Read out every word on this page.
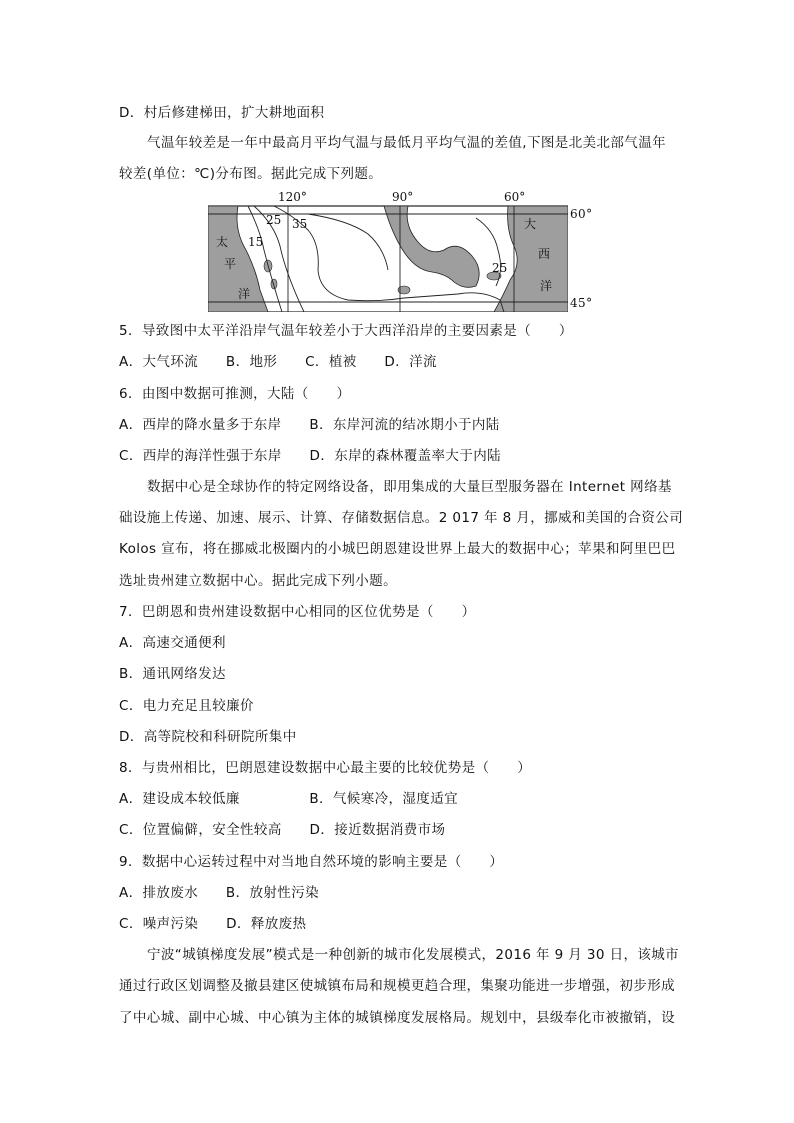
D．村后修建梯田，扩大耕地面积
气温年较差是一年中最高月平均气温与最低月平均气温的差值,下图是北美北部气温年
较差(单位：℃)分布图。据此完成下列题。
120°	90°	60°
35
25
15
25
太
平
洋
大
西
洋
60°
45°
5．导致图中太平洋沿岸气温年较差小于大西洋沿岸的主要因素是（　　）
A．大气环流　　B．地形　　C．植被　　D．洋流
6．由图中数据可推测，大陆（　　）
A．西岸的降水量多于东岸　　B．东岸河流的结冰期小于内陆
C．西岸的海洋性强于东岸　　D．东岸的森林覆盖率大于内陆
数据中心是全球协作的特定网络设备，即用集成的大量巨型服务器在 Internet 网络基
础设施上传递、加速、展示、计算、存储数据信息。2 017 年 8 月，挪威和美国的合资公司
Kolos 宣布，将在挪威北极圈内的小城巴朗恩建设世界上最大的数据中心；苹果和阿里巴巴
选址贵州建立数据中心。据此完成下列小题。
7．巴朗恩和贵州建设数据中心相同的区位优势是（　　）
A．高速交通便利
B．通讯网络发达
C．电力充足且较廉价
D．高等院校和科研院所集中
8．与贵州相比，巴朗恩建设数据中心最主要的比较优势是（　　）
A．建设成本较低廉　　　　　B．气候寒冷，湿度适宜
C．位置偏僻，安全性较高　　D．接近数据消费市场
9．数据中心运转过程中对当地自然环境的影响主要是（　　）
A．排放废水　　B．放射性污染
C．噪声污染　　D．释放废热
宁波“城镇梯度发展”模式是一种创新的城市化发展模式，2016 年 9 月 30 日，该城市
通过行政区划调整及撤县建区使城镇布局和规模更趋合理，集聚功能进一步增强，初步形成
了中心城、副中心城、中心镇为主体的城镇梯度发展格局。规划中，县级奉化市被撤销，设
